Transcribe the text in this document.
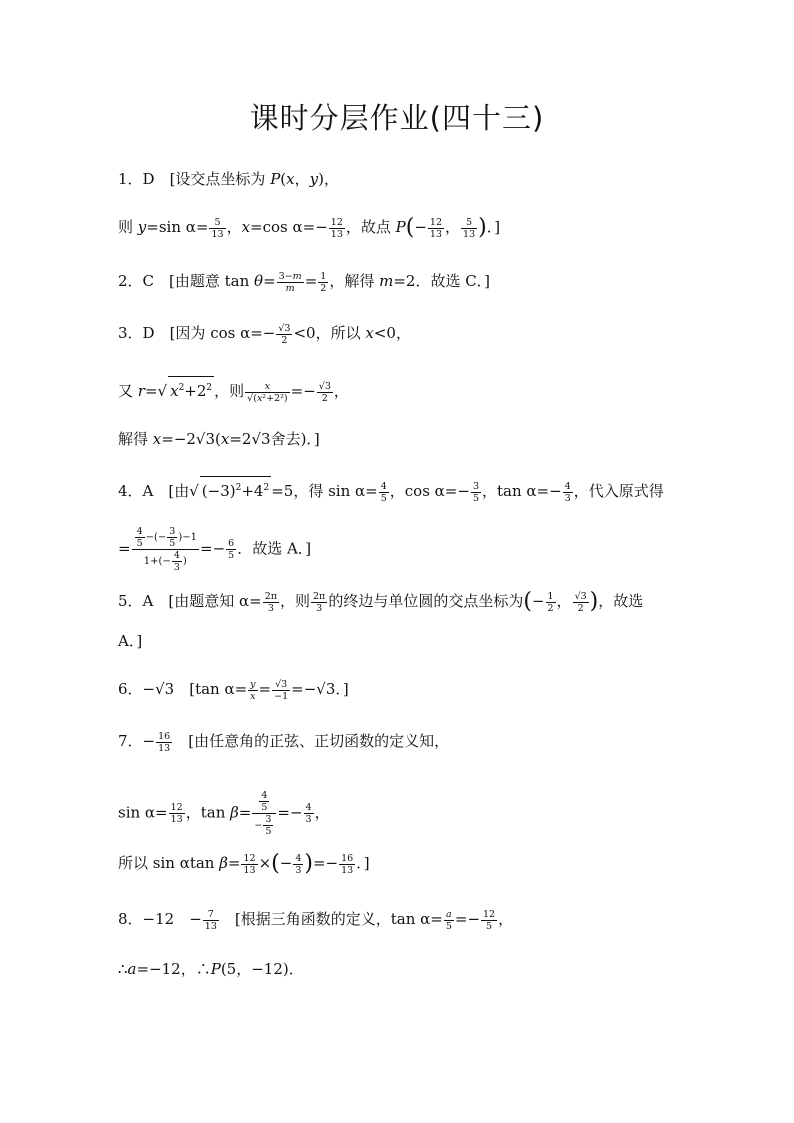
课时分层作业(四十三)
1．D　[设交点坐标为 P(x，y)，
则 y=sin $\alpha= \frac{5}{13}$ ，x=cos $\alpha=- \frac{12}{13}$ ，故点 $P(- \frac{12}{13}$ ， $\frac{5}{13}$ )．]
2．C　[由题意 $\tan \theta= \frac{3-m}{m} = \frac{1}{2}$ ，解得 m=2．故选 C．]
3．D　[因为 $\cos \alpha=- \frac{√3}{2} <0$，所以 x<0，
又 r=√ $x^2+2^2$ ，则 $\frac{x}{\text{√(x²+2²)}} =- \frac{√3}{2}$ ，
解得 x=−2√3(x=2√3舍去)．]
4．A　[由√ $(-3)^2+4^2 =5$，得 $\sin \alpha= \frac{4}{5}$ ，$\cos \alpha=- \frac{3}{5}$ ，$\tan \alpha=- \frac{4}{3}$ ，代入原式得
= $\frac{\frac{4}{5} -(- \frac{3}{5} )-1}{1+(- \frac{4}{3} )} =- \frac{6}{5}$ ．故选 A．]
5．A　[由题意知 $\alpha= \frac{2\pi}{3}$ ，则 $\frac{2\pi}{3}$ 的终边与单位圆的交点坐标为(− $\frac{1}{2}$ ， $\frac{√3}{2}$ )，故选
A．]
6．−√3　[tan $\alpha= \frac{y}{x} = \frac{√3}{-1} =-√3$．]
7．− $\frac{16}{13}$ 　[由任意角的正弦、正切函数的定义知，
$\sin \alpha= \frac{12}{13}$ ，$\tan \beta= \frac{\frac{4}{5}}{- \frac{3}{5}} =- \frac{4}{3}$ ，
所以 sin αtan $\beta= \frac{12}{13}$ ×(− $\frac{4}{3}$ )=− $\frac{16}{13}$ ．]
8．−12　− $\frac{7}{13}$ 　[根据三角函数的定义，$\tan \alpha= \frac{a}{5} =- \frac{12}{5}$ ，
∴a=−12，∴P(5，−12)．
